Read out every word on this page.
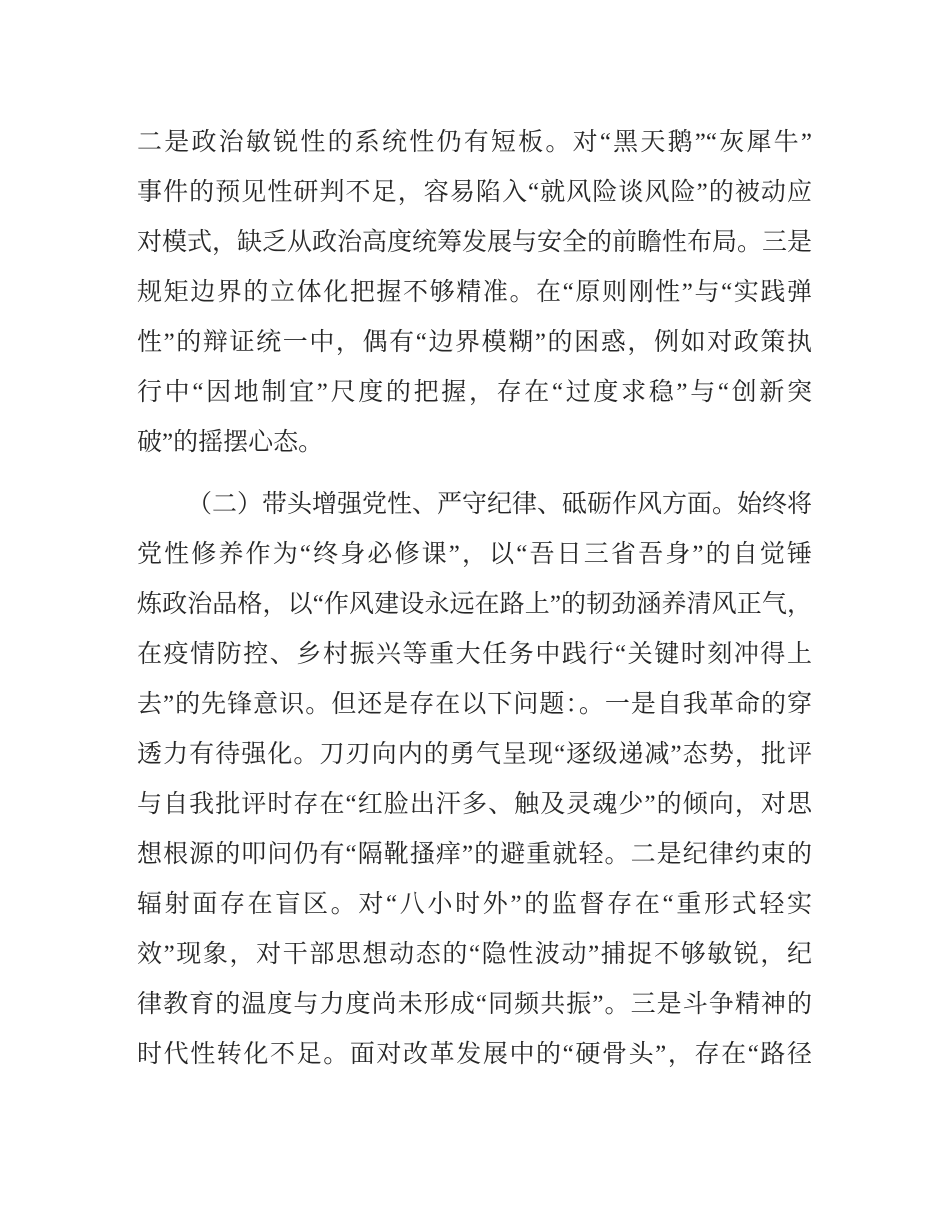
二是政治敏锐性的系统性仍有短板。对“黑天鹅”“灰犀牛”
事件的预见性研判不足，容易陷入“就风险谈风险”的被动应
对模式，缺乏从政治高度统筹发展与安全的前瞻性布局。三是
规矩边界的立体化把握不够精准。在“原则刚性”与“实践弹
性”的辩证统一中，偶有“边界模糊”的困惑，例如对政策执
行中“因地制宜”尺度的把握，存在“过度求稳”与“创新突
破”的摇摆心态。
（二）带头增强党性、严守纪律、砥砺作风方面。始终将
党性修养作为“终身必修课”，以“吾日三省吾身”的自觉锤
炼政治品格，以“作风建设永远在路上”的韧劲涵养清风正气，
在疫情防控、乡村振兴等重大任务中践行“关键时刻冲得上
去”的先锋意识。但还是存在以下问题：。一是自我革命的穿
透力有待强化。刀刃向内的勇气呈现“逐级递减”态势，批评
与自我批评时存在“红脸出汗多、触及灵魂少”的倾向，对思
想根源的叩问仍有“隔靴搔痒”的避重就轻。二是纪律约束的
辐射面存在盲区。对“八小时外”的监督存在“重形式轻实
效”现象，对干部思想动态的“隐性波动”捕捉不够敏锐，纪
律教育的温度与力度尚未形成“同频共振”。三是斗争精神的
时代性转化不足。面对改革发展中的“硬骨头”，存在“路径
